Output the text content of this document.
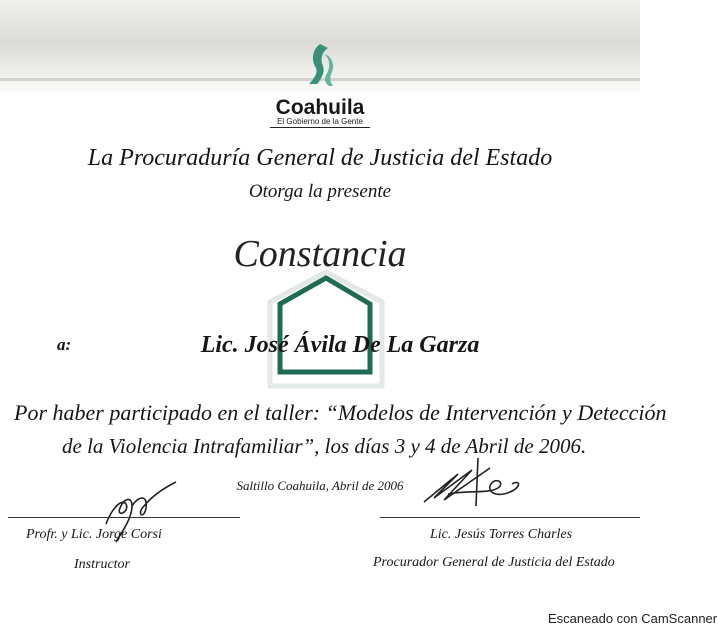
Coahuila
El Gobierno de la Gente
La Procuraduría General de Justicia del Estado
Otorga la presente
Constancia
a:	Lic. José Ávila De La Garza
Por haber participado en el taller: “Modelos de Intervención y Detección
de la Violencia Intrafamiliar”, los días 3 y 4 de Abril de 2006.
Saltillo Coahuila, Abril de 2006
Profr. y Lic. Jorge Corsi
Instructor
Lic. Jesús Torres Charles
Procurador General de Justicia del Estado
Escaneado con CamScanner
